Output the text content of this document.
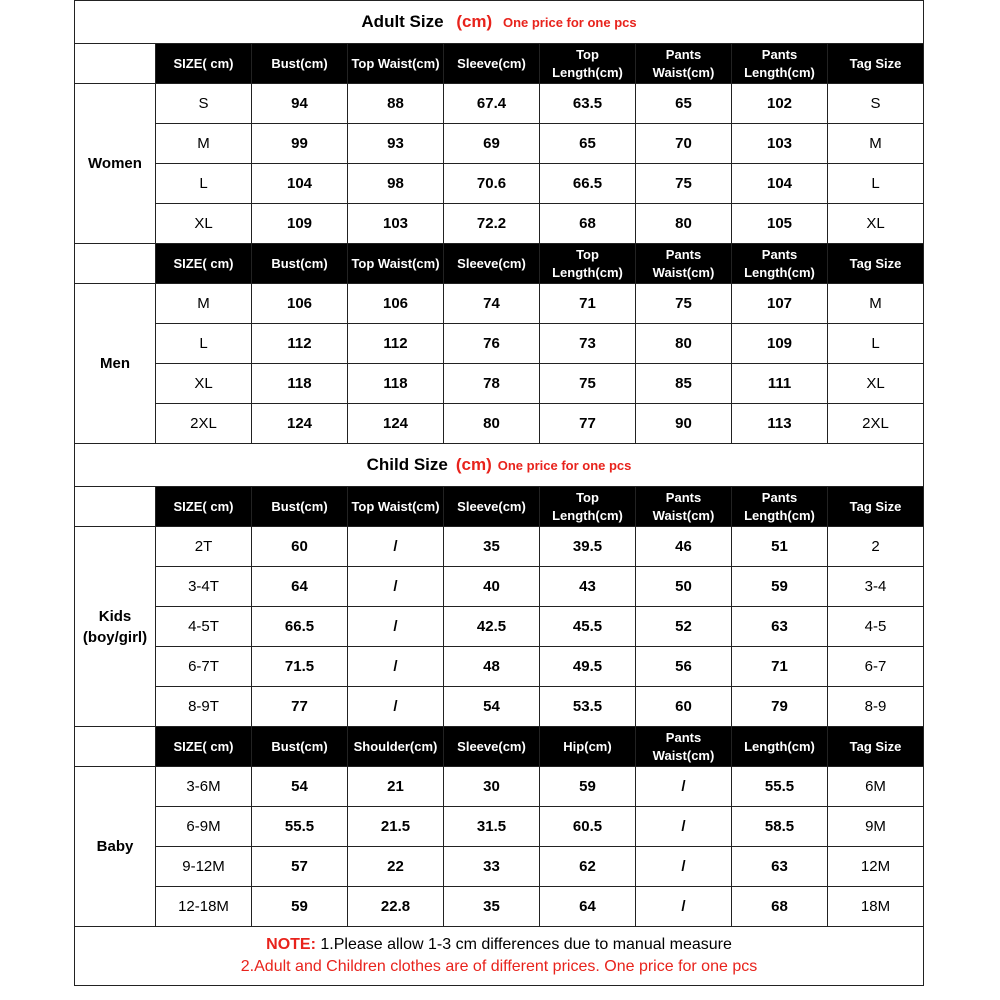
Adult Size (cm) One price for one pcs								
	SIZE( cm)	Bust(cm)	Top Waist(cm)	Sleeve(cm)	Top Length(cm)	Pants Waist(cm)	Pants Length(cm)	Tag Size
Women	S	94	88	67.4	63.5	65	102	S
	M	99	93	69	65	70	103	M
	L	104	98	70.6	66.5	75	104	L
	XL	109	103	72.2	68	80	105	XL
	SIZE( cm)	Bust(cm)	Top Waist(cm)	Sleeve(cm)	Top Length(cm)	Pants Waist(cm)	Pants Length(cm)	Tag Size
Men	M	106	106	74	71	75	107	M
	L	112	112	76	73	80	109	L
	XL	118	118	78	75	85	111	XL
	2XL	124	124	80	77	90	113	2XL
Child Size (cm) One price for one pcs								
	SIZE( cm)	Bust(cm)	Top Waist(cm)	Sleeve(cm)	Top Length(cm)	Pants Waist(cm)	Pants Length(cm)	Tag Size
Kids
(boy/girl)	2T	60	/	35	39.5	46	51	2
	3-4T	64	/	40	43	50	59	3-4
	4-5T	66.5	/	42.5	45.5	52	63	4-5
	6-7T	71.5	/	48	49.5	56	71	6-7
	8-9T	77	/	54	53.5	60	79	8-9
	SIZE( cm)	Bust(cm)	Shoulder(cm)	Sleeve(cm)	Hip(cm)	Pants Waist(cm)	Length(cm)	Tag Size
Baby	3-6M	54	21	30	59	/	55.5	6M
	6-9M	55.5	21.5	31.5	60.5	/	58.5	9M
	9-12M	57	22	33	62	/	63	12M
	12-18M	59	22.8	35	64	/	68	18M

NOTE: 1.Please allow 1-3 cm differences due to manual measure
2.Adult and Children clothes are of different prices. One price for one pcs								
